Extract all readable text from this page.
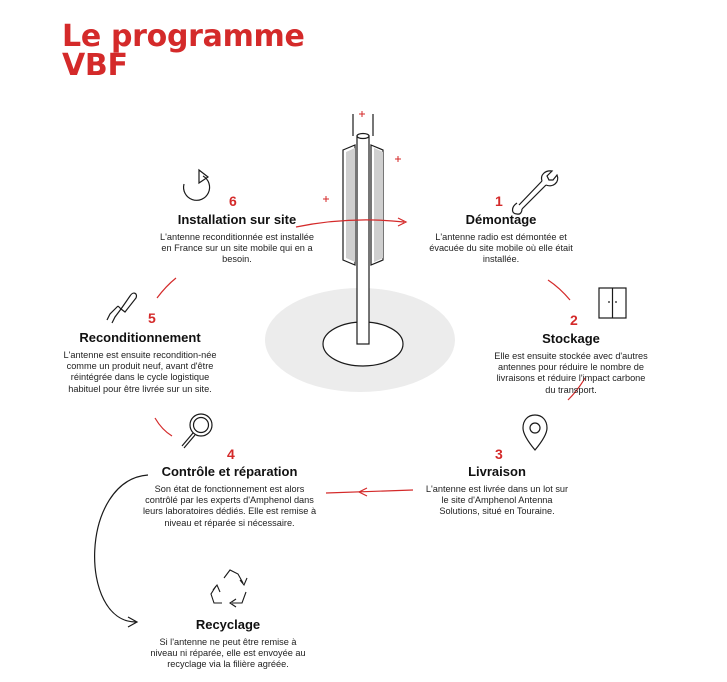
Le programme
VBF
1
Démontage

L'antenne radio est démontée et évacuée du site mobile où elle était installée.

2
Stockage

Elle est ensuite stockée avec d'autres antennes pour réduire le nombre de livraisons et réduire l'impact carbone du transport.

3
Livraison

L'antenne est livrée dans un lot sur le site d'Amphenol Antenna Solutions, situé en Touraine.

4
Contrôle et réparation

Son état de fonctionnement est alors contrôlé par les experts d'Amphenol dans leurs laboratoires dédiés. Elle est remise à niveau et réparée si nécessaire.

5
Reconditionnement

L'antenne est ensuite recondition-née comme un produit neuf, avant d'être réintégrée dans le cycle logistique habituel pour être livrée sur un site.

6
Installation sur site

L'antenne reconditionnée est installée en France sur un site mobile qui en a besoin.

Recyclage

Si l'antenne ne peut être remise à niveau ni réparée, elle est envoyée au recyclage via la filière agréée.
